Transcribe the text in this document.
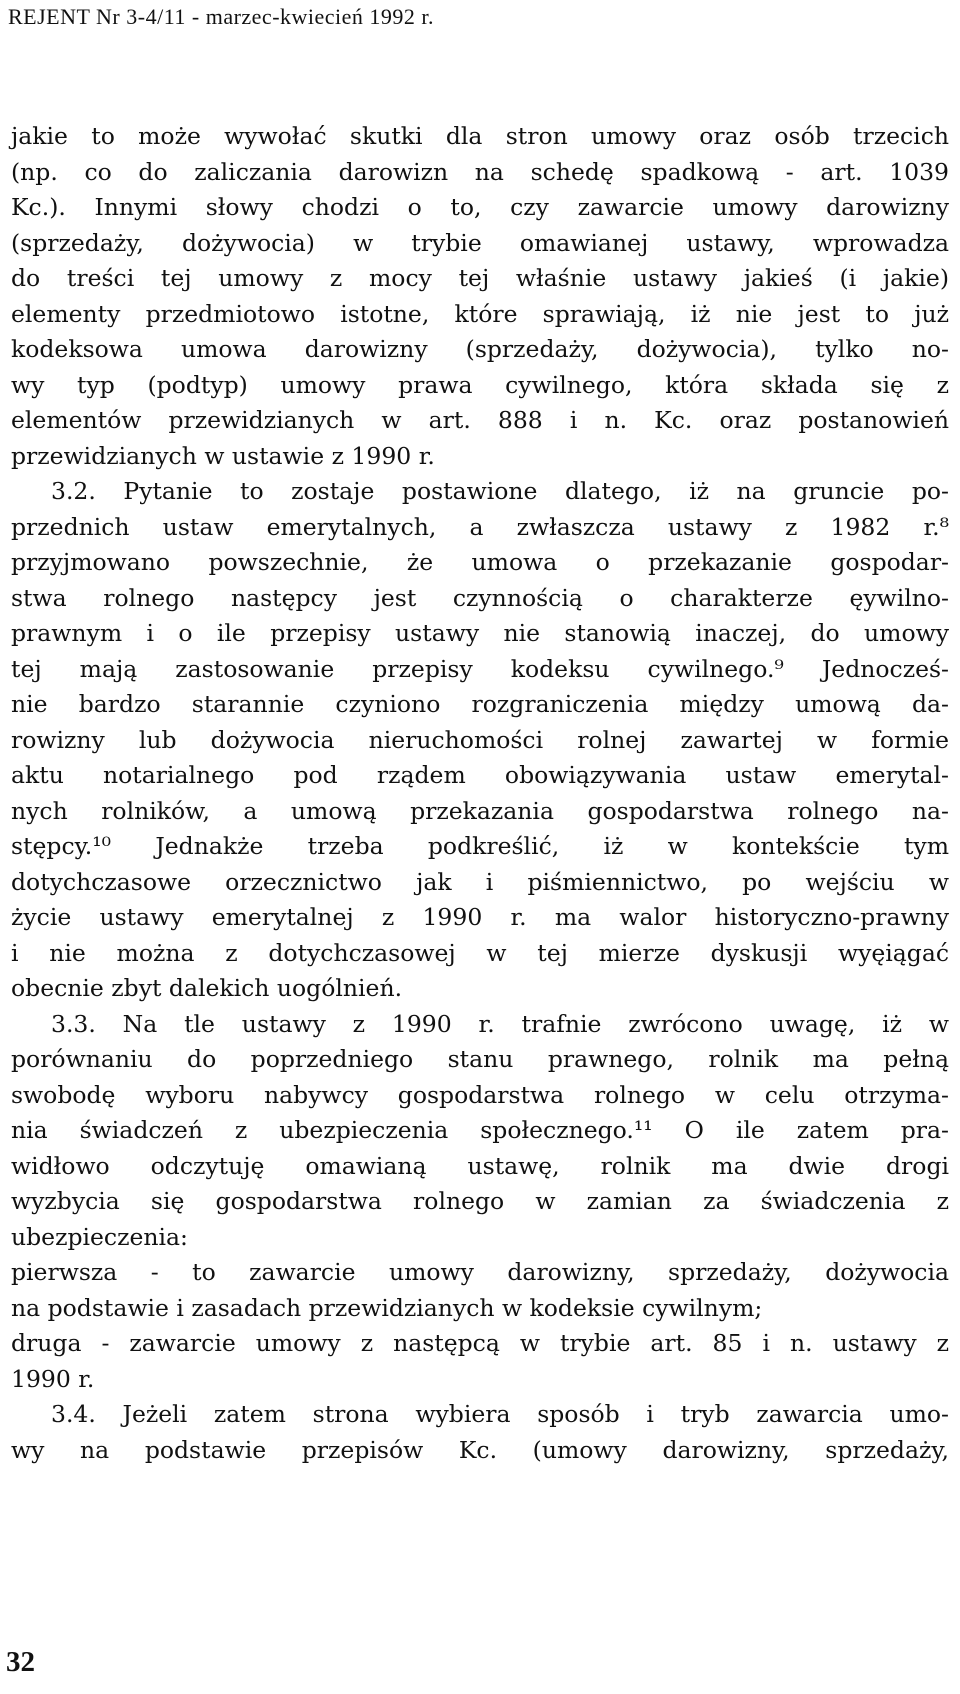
REJENT Nr 3-4/11 - marzec-kwiecień 1992 r.
jakie to może wywołać skutki dla stron umowy oraz osób trzecich
(np. co do zaliczania darowizn na schedę spadkową - art. 1039
Kc.). Innymi słowy chodzi o to, czy zawarcie umowy darowizny
(sprzedaży, dożywocia) w trybie omawianej ustawy, wprowadza
do treści tej umowy z mocy tej właśnie ustawy jakieś (i jakie)
elementy przedmiotowo istotne, które sprawiają, iż nie jest to już
kodeksowa umowa darowizny (sprzedaży, dożywocia), tylko no-
wy typ (podtyp) umowy prawa cywilnego, która składa się z
elementów przewidzianych w art. 888 i n. Kc. oraz postanowień
przewidzianych w ustawie z 1990 r.
3.2. Pytanie to zostaje postawione dlatego, iż na gruncie po-
przednich ustaw emerytalnych, a zwłaszcza ustawy z 1982 r.⁸
przyjmowano powszechnie, że umowa o przekazanie gospodar-
stwa rolnego następcy jest czynnością o charakterze ęywilno-
prawnym i o ile przepisy ustawy nie stanowią inaczej, do umowy
tej mają zastosowanie przepisy kodeksu cywilnego.⁹ Jednocześ-
nie bardzo starannie czyniono rozgraniczenia między umową da-
rowizny lub dożywocia nieruchomości rolnej zawartej w formie
aktu notarialnego pod rządem obowiązywania ustaw emerytal-
nych rolników, a umową przekazania gospodarstwa rolnego na-
stępcy.¹⁰ Jednakże trzeba podkreślić, iż w kontekście tym
dotychczasowe orzecznictwo jak i piśmiennictwo, po wejściu w
życie ustawy emerytalnej z 1990 r. ma walor historyczno-prawny
i nie można z dotychczasowej w tej mierze dyskusji wyęiągać
obecnie zbyt dalekich uogólnień.
3.3. Na tle ustawy z 1990 r. trafnie zwrócono uwagę, iż w
porównaniu do poprzedniego stanu prawnego, rolnik ma pełną
swobodę wyboru nabywcy gospodarstwa rolnego w celu otrzyma-
nia świadczeń z ubezpieczenia społecznego.¹¹ O ile zatem pra-
widłowo odczytuję omawianą ustawę, rolnik ma dwie drogi
wyzbycia się gospodarstwa rolnego w zamian za świadczenia z
ubezpieczenia:
pierwsza - to zawarcie umowy darowizny, sprzedaży, dożywocia
na podstawie i zasadach przewidzianych w kodeksie cywilnym;
druga - zawarcie umowy z następcą w trybie art. 85 i n. ustawy z
1990 r.
3.4. Jeżeli zatem strona wybiera sposób i tryb zawarcia umo-
wy na podstawie przepisów Kc. (umowy darowizny, sprzedaży,
32
